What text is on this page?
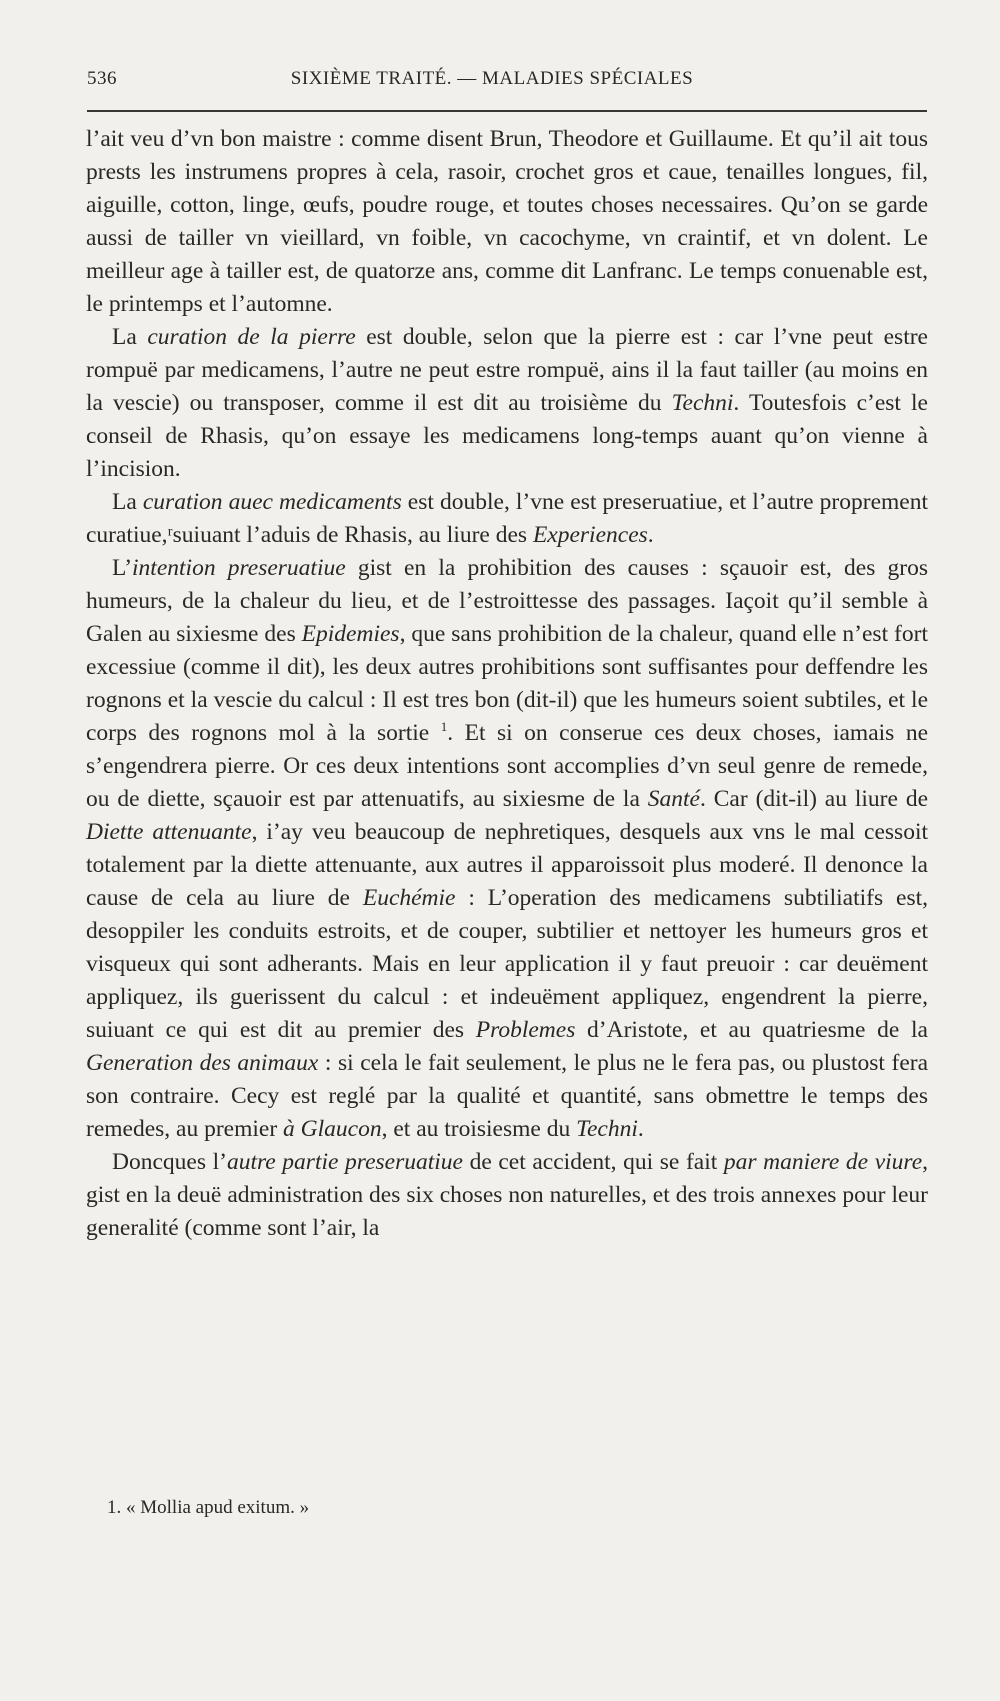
536	SIXIÈME TRAITÉ. — MALADIES SPÉCIALES

l’ait veu d’vn bon maistre : comme disent Brun, Theodore et Guillaume. Et qu’il ait tous prests les instrumens propres à cela, rasoir, crochet gros et caue, tenailles longues, fil, aiguille, cotton, linge, œufs, poudre rouge, et toutes choses necessaires. Qu’on se garde aussi de tailler vn vieillard, vn foible, vn cacochyme, vn craintif, et vn dolent. Le meilleur age à tailler est, de quatorze ans, comme dit Lanfranc. Le temps conuenable est, le printemps et l’automne.

La curation de la pierre est double, selon que la pierre est : car l’vne peut estre rompuë par medicamens, l’autre ne peut estre rompuë, ains il la faut tailler (au moins en la vescie) ou transposer, comme il est dit au troisième du Techni. Toutesfois c’est le conseil de Rhasis, qu’on essaye les medicamens long-temps auant qu’on vienne à l’incision.

La curation auec medicaments est double, l’vne est preseruatiue, et l’autre proprement curatiue,ʳsuiuant l’aduis de Rhasis, au liure des Experiences.

L’intention preseruatiue gist en la prohibition des causes : sçauoir est, des gros humeurs, de la chaleur du lieu, et de l’estroittesse des passages. Iaçoit qu’il semble à Galen au sixiesme des Epidemies, que sans prohibition de la chaleur, quand elle n’est fort excessiue (comme il dit), les deux autres prohibitions sont suffisantes pour deffendre les rognons et la vescie du calcul : Il est tres bon (dit-il) que les humeurs soient subtiles, et le corps des rognons mol à la sortie $^1$. Et si on conserue ces deux choses, iamais ne s’engendrera pierre. Or ces deux intentions sont accomplies d’vn seul genre de remede, ou de diette, sçauoir est par attenuatifs, au sixiesme de la Santé. Car (dit-il) au liure de Diette attenuante, i’ay veu beaucoup de nephretiques, desquels aux vns le mal cessoit totalement par la diette attenuante, aux autres il apparoissoit plus moderé. Il denonce la cause de cela au liure de Euchémie : L’operation des medicamens subtiliatifs est, desoppiler les conduits estroits, et de couper, subtilier et nettoyer les humeurs gros et visqueux qui sont adherants. Mais en leur application il y faut preuoir : car deuëment appliquez, ils guerissent du calcul : et indeuëment appliquez, engendrent la pierre, suiuant ce qui est dit au premier des Problemes d’Aristote, et au quatriesme de la Generation des animaux : si cela le fait seulement, le plus ne le fera pas, ou plustost fera son contraire. Cecy est reglé par la qualité et quantité, sans obmettre le temps des remedes, au premier à Glaucon, et au troisiesme du Techni.

Doncques l’autre partie preseruatiue de cet accident, qui se fait par maniere de viure, gist en la deuë administration des six choses non naturelles, et des trois annexes pour leur generalité (comme sont l’air, la

1. « Mollia apud exitum. »
